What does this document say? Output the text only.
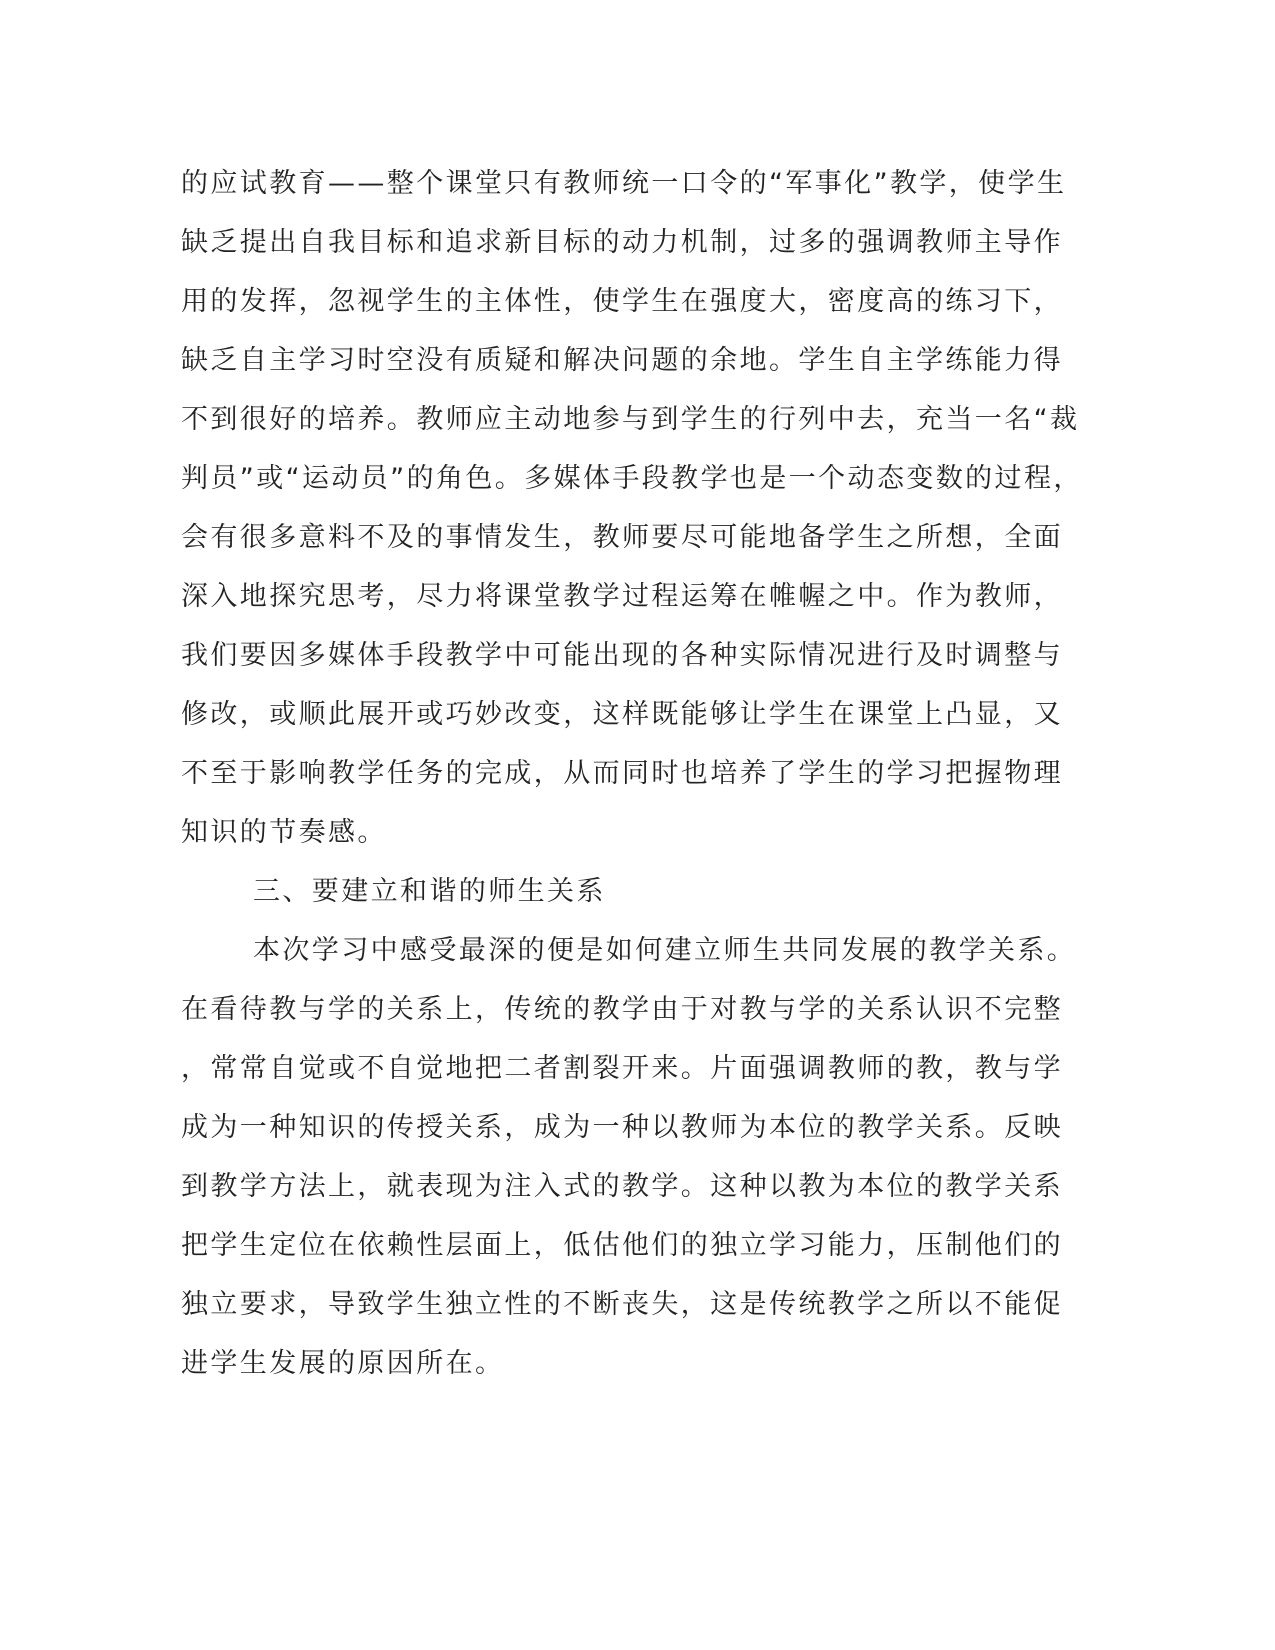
的应试教育——整个课堂只有教师统一口令的“军事化”教学，使学生
缺乏提出自我目标和追求新目标的动力机制，过多的强调教师主导作
用的发挥，忽视学生的主体性，使学生在强度大，密度高的练习下，
缺乏自主学习时空没有质疑和解决问题的余地。学生自主学练能力得
不到很好的培养。教师应主动地参与到学生的行列中去，充当一名“裁
判员”或“运动员”的角色。多媒体手段教学也是一个动态变数的过程，
会有很多意料不及的事情发生，教师要尽可能地备学生之所想，全面
深入地探究思考，尽力将课堂教学过程运筹在帷幄之中。作为教师，
我们要因多媒体手段教学中可能出现的各种实际情况进行及时调整与
修改，或顺此展开或巧妙改变，这样既能够让学生在课堂上凸显，又
不至于影响教学任务的完成，从而同时也培养了学生的学习把握物理
知识的节奏感。
三、要建立和谐的师生关系
本次学习中感受最深的便是如何建立师生共同发展的教学关系。
在看待教与学的关系上，传统的教学由于对教与学的关系认识不完整
，常常自觉或不自觉地把二者割裂开来。片面强调教师的教，教与学
成为一种知识的传授关系，成为一种以教师为本位的教学关系。反映
到教学方法上，就表现为注入式的教学。这种以教为本位的教学关系
把学生定位在依赖性层面上，低估他们的独立学习能力，压制他们的
独立要求，导致学生独立性的不断丧失，这是传统教学之所以不能促
进学生发展的原因所在。
